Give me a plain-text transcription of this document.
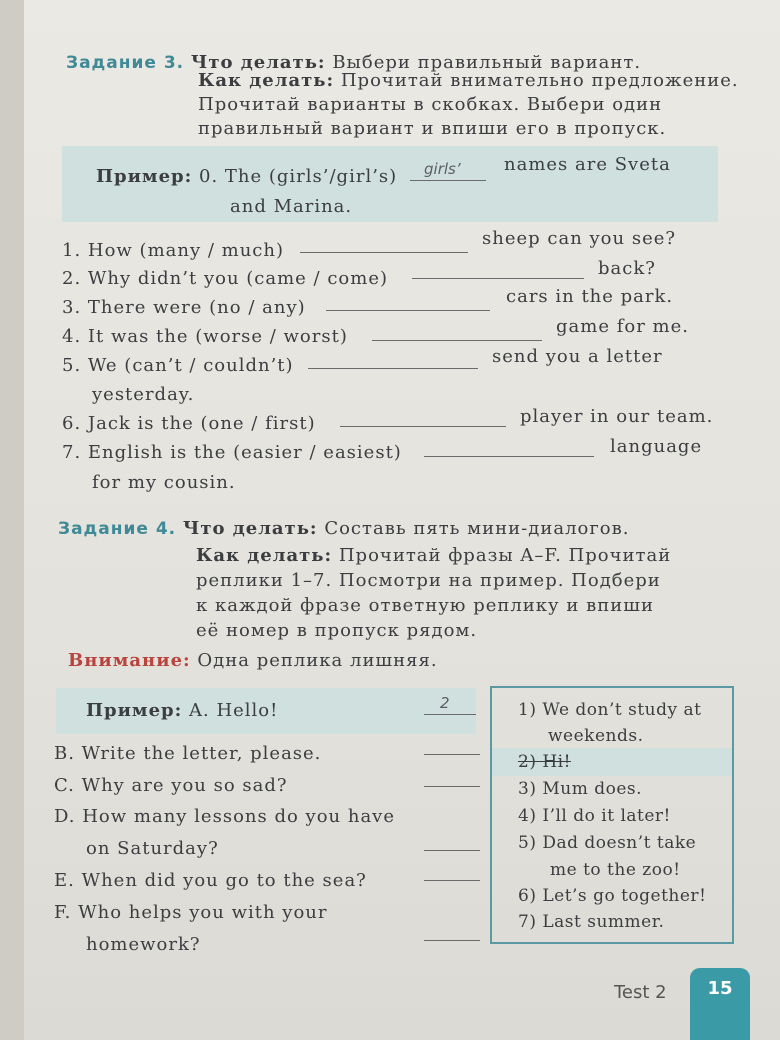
Задание 3. Что делать: Выбери правильный вариант.
Как делать: Прочитай внимательно предложение.
Прочитай варианты в скобках. Выбери один
правильный вариант и впиши его в пропуск.
Пример: 0. The (girls’/girl’s) girls’ names are Sveta
and Marina.
1. How (many / much)
sheep can you see?
2. Why didn’t you (came / come)	back?
3. There were (no / any)
cars in the park.
4. It was the (worse / worst)	game for me.
5. We (can’t / couldn’t)	send you a letter
yesterday.
6. Jack is the (one / first)	player in our team.
7. English is the (easier / easiest)	language
for my cousin.
Задание 4. Что делать: Составь пять мини-диалогов.
Как делать: Прочитай фразы A–F. Прочитай
реплики 1–7. Посмотри на пример. Подбери
к каждой фразе ответную реплику и впиши
её номер в пропуск рядом.
Внимание: Одна реплика лишняя.
Пример: A. Hello!	2
B. Write the letter, please.
C. Why are you so sad?
D. How many lessons do you have
on Saturday?
E. When did you go to the sea?
F. Who helps you with your
homework?
1) We don’t study at
weekends.
2) Hi!
3) Mum does.
4) I’ll do it later!
5) Dad doesn’t take
me to the zoo!
6) Let’s go together!
7) Last summer.
Test 2	15
